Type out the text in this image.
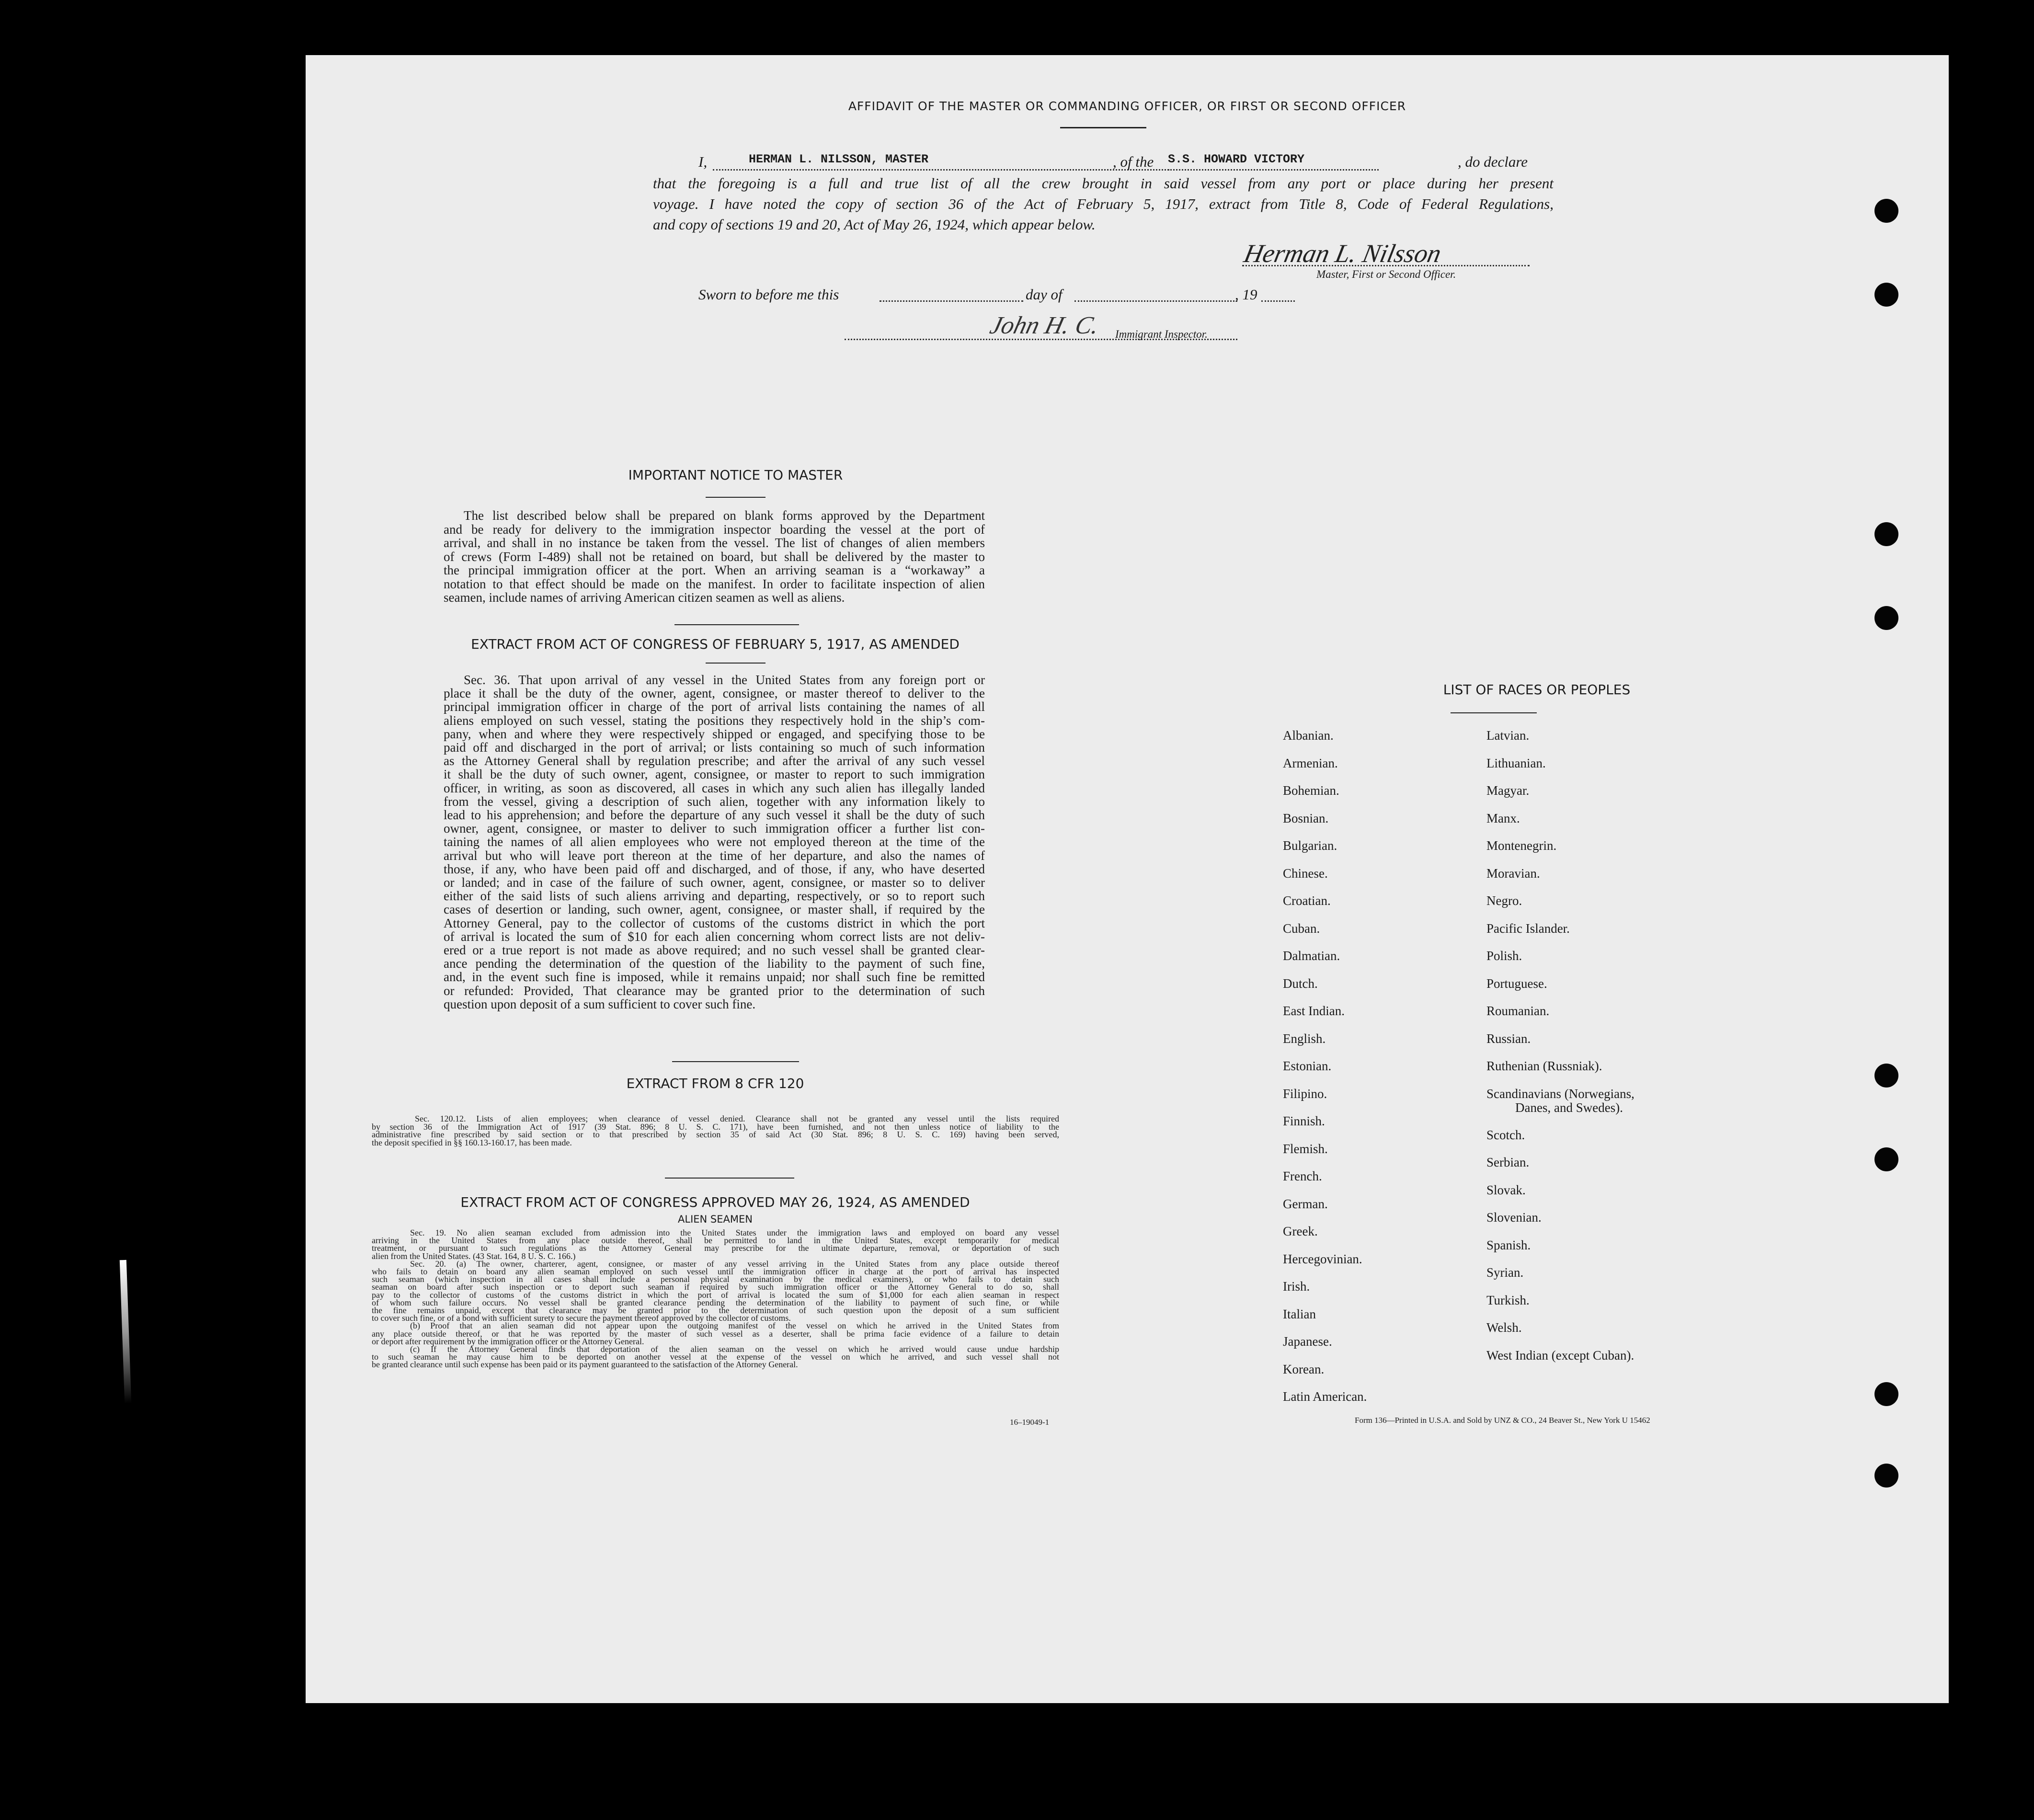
AFFIDAVIT OF THE MASTER OR COMMANDING OFFICER, OR FIRST OR SECOND OFFICER
I,	HERMAN L. NILSSON, MASTER	, of the S.S. HOWARD VICTORY	, do declare
that the foregoing is a full and true list of all the crew brought in said vessel from any port or place during her present
voyage. I have noted the copy of section 36 of the Act of February 5, 1917, extract from Title 8, Code of Federal Regulations,
and copy of sections 19 and 20, Act of May 26, 1924, which appear below.
Herman L. Nilsson
Master, First or Second Officer.
Sworn to before me this	day of	, 19
John H. C. Immigrant Inspector.
IMPORTANT NOTICE TO MASTER
The list described below shall be prepared on blank forms approved by the Department
and be ready for delivery to the immigration inspector boarding the vessel at the port of
arrival, and shall in no instance be taken from the vessel. The list of changes of alien members
of crews (Form I-489) shall not be retained on board, but shall be delivered by the master to
the principal immigration officer at the port. When an arriving seaman is a “workaway” a
notation to that effect should be made on the manifest. In order to facilitate inspection of alien
seamen, include names of arriving American citizen seamen as well as aliens.
EXTRACT FROM ACT OF CONGRESS OF FEBRUARY 5, 1917, AS AMENDED
Sec. 36. That upon arrival of any vessel in the United States from any foreign port or
place it shall be the duty of the owner, agent, consignee, or master thereof to deliver to the
principal immigration officer in charge of the port of arrival lists containing the names of all
aliens employed on such vessel, stating the positions they respectively hold in the ship’s com-
pany, when and where they were respectively shipped or engaged, and specifying those to be
paid off and discharged in the port of arrival; or lists containing so much of such information
as the Attorney General shall by regulation prescribe; and after the arrival of any such vessel
it shall be the duty of such owner, agent, consignee, or master to report to such immigration
officer, in writing, as soon as discovered, all cases in which any such alien has illegally landed
from the vessel, giving a description of such alien, together with any information likely to
lead to his apprehension; and before the departure of any such vessel it shall be the duty of such
owner, agent, consignee, or master to deliver to such immigration officer a further list con-
taining the names of all alien employees who were not employed thereon at the time of the
arrival but who will leave port thereon at the time of her departure, and also the names of
those, if any, who have been paid off and discharged, and of those, if any, who have deserted
or landed; and in case of the failure of such owner, agent, consignee, or master so to deliver
either of the said lists of such aliens arriving and departing, respectively, or so to report such
cases of desertion or landing, such owner, agent, consignee, or master shall, if required by the
Attorney General, pay to the collector of customs of the customs district in which the port
of arrival is located the sum of $10 for each alien concerning whom correct lists are not deliv-
ered or a true report is not made as above required; and no such vessel shall be granted clear-
ance pending the determination of the question of the liability to the payment of such fine,
and, in the event such fine is imposed, while it remains unpaid; nor shall such fine be remitted
or refunded: Provided, That clearance may be granted prior to the determination of such
question upon deposit of a sum sufficient to cover such fine.
EXTRACT FROM 8 CFR 120
Sec. 120.12. Lists of alien employees; when clearance of vessel denied. Clearance shall not be granted any vessel until the lists required
by section 36 of the Immigration Act of 1917 (39 Stat. 896; 8 U. S. C. 171), have been furnished, and not then unless notice of liability to the
administrative fine prescribed by said section or to that prescribed by section 35 of said Act (30 Stat. 896; 8 U. S. C. 169) having been served,
the deposit specified in §§ 160.13-160.17, has been made.
EXTRACT FROM ACT OF CONGRESS APPROVED MAY 26, 1924, AS AMENDED
ALIEN SEAMEN
Sec. 19. No alien seaman excluded from admission into the United States under the immigration laws and employed on board any vessel
arriving in the United States from any place outside thereof, shall be permitted to land in the United States, except temporarily for medical
treatment, or pursuant to such regulations as the Attorney General may prescribe for the ultimate departure, removal, or deportation of such
alien from the United States. (43 Stat. 164, 8 U. S. C. 166.)
Sec. 20. (a) The owner, charterer, agent, consignee, or master of any vessel arriving in the United States from any place outside thereof
who fails to detain on board any alien seaman employed on such vessel until the immigration officer in charge at the port of arrival has inspected
such seaman (which inspection in all cases shall include a personal physical examination by the medical examiners), or who fails to detain such
seaman on board after such inspection or to deport such seaman if required by such immigration officer or the Attorney General to do so, shall
pay to the collector of customs of the customs district in which the port of arrival is located the sum of $1,000 for each alien seaman in respect
of whom such failure occurs. No vessel shall be granted clearance pending the determination of the liability to payment of such fine, or while
the fine remains unpaid, except that clearance may be granted prior to the determination of such question upon the deposit of a sum sufficient
to cover such fine, or of a bond with sufficient surety to secure the payment thereof approved by the collector of customs.
(b) Proof that an alien seaman did not appear upon the outgoing manifest of the vessel on which he arrived in the United States from
any place outside thereof, or that he was reported by the master of such vessel as a deserter, shall be prima facie evidence of a failure to detain
or deport after requirement by the immigration officer or the Attorney General.
(c) If the Attorney General finds that deportation of the alien seaman on the vessel on which he arrived would cause undue hardship
to such seaman he may cause him to be deported on another vessel at the expense of the vessel on which he arrived, and such vessel shall not
be granted clearance until such expense has been paid or its payment guaranteed to the satisfaction of the Attorney General.
16–19049-1
LIST OF RACES OR PEOPLES
Albanian.
Armenian.
Bohemian.
Bosnian.
Bulgarian.
Chinese.
Croatian.
Cuban.
Dalmatian.
Dutch.
East Indian.
English.
Estonian.
Filipino.
Finnish.
Flemish.
French.
German.
Greek.
Hercegovinian.
Irish.
Italian
Japanese.
Korean.
Latin American.
Latvian.
Lithuanian.
Magyar.
Manx.
Montenegrin.
Moravian.
Negro.
Pacific Islander.
Polish.
Portuguese.
Roumanian.
Russian.
Ruthenian (Russniak).
Scandinavians (Norwegians,
Danes, and Swedes).
Scotch.
Serbian.
Slovak.
Slovenian.
Spanish.
Syrian.
Turkish.
Welsh.
West Indian (except Cuban).
Form 136—Printed in U.S.A. and Sold by UNZ & CO., 24 Beaver St., New York U 15462
